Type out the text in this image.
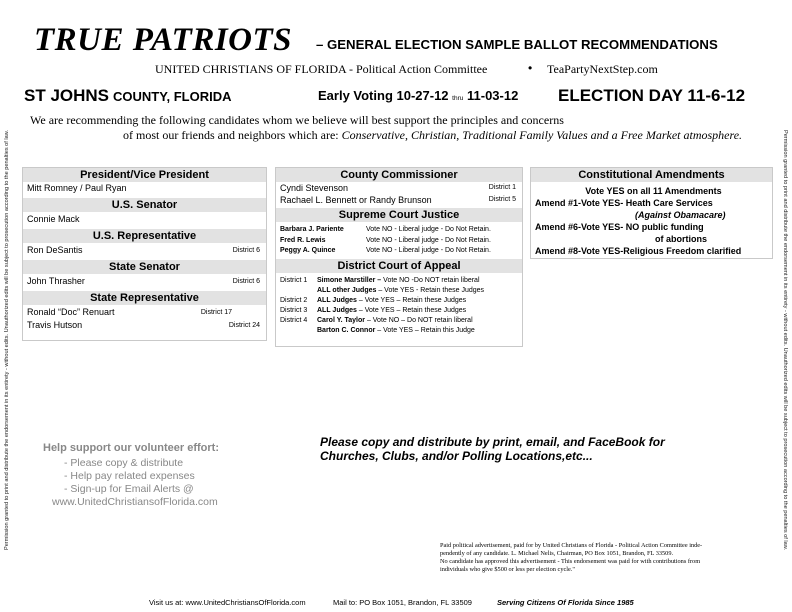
Permission granted to print and distribute the endorsement in its entirety - without edits. Unauthorized edits will be subject to prosecution according to the penalties of law.	Permission granted to print and distribute the endorsement in its entirety - without edits. Unauthorized edits will be subject to prosecution according to the penalties of law.
TRUE PATRIOTS – GENERAL ELECTION SAMPLE BALLOT RECOMMENDATIONS
UNITED CHRISTIANS OF FLORIDA - Political Action Committee	• TeaPartyNextStep.com
ST JOHNS COUNTY, FLORIDA	Early Voting 10-27-12 thru 11-03-12 ELECTION DAY 11-6-12
We are recommending the following candidates whom we believe will best support the principles and concerns
of most our friends and neighbors which are: Conservative, Christian, Traditional Family Values and a Free Market atmosphere.
President/Vice President
Mitt Romney / Paul Ryan
U.S. Senator
Connie Mack
U.S. Representative
Ron DeSantis	District 6
State Senator
John Thrasher	District 6
State Representative
Ronald “Doc” Renuart	District 17
Travis Hutson	District 24
County Commissioner
Cyndi Stevenson	District 1
Rachael L. Bennett or Randy Brunson	District 5
Supreme Court Justice
Barbara J. Pariente	Vote NO - Liberal judge - Do Not Retain.
Fred R. Lewis	Vote NO - Liberal judge - Do Not Retain.
Peggy A. Quince	Vote NO - Liberal judge - Do Not Retain.
District Court of Appeal
District 1 Simone Marstiller – Vote NO -Do NOT retain liberal
ALL other Judges – Vote YES - Retain these Judges
District 2 ALL Judges – Vote YES – Retain these Judges
District 3 ALL Judges – Vote YES – Retain these Judges
District 4 Carol Y. Taylor – Vote NO – Do NOT retain liberal
Barton C. Connor – Vote YES – Retain this Judge
Constitutional Amendments
Vote YES on all 11 Amendments
Amend #1-Vote YES- Heath Care Services
(Against Obamacare)
Amend #6-Vote YES- NO public funding
of abortions
Amend #8-Vote YES-Religious Freedom clarified
Help support our volunteer effort:
- Please copy & distribute
- Help pay related expenses
- Sign-up for Email Alerts @
www.UnitedChristiansofFlorida.com
Please copy and distribute by print, email, and FaceBook for
Churches, Clubs, and/or Polling Locations,etc...
Paid political advertisement, paid for by United Christians of Florida - Political Action Committee inde-
pendently of any candidate. L. Michael Nelis, Chairman, PO Box 1051, Brandon, FL 33509.
No candidate has approved this advertisement - This endorsement was paid for with contributions from
individuals who give $500 or less per election cycle."
Visit us at: www.UnitedChristiansOfFlorida.com	Mail to: PO Box 1051, Brandon, FL 33509	Serving Citizens Of Florida Since 1985
